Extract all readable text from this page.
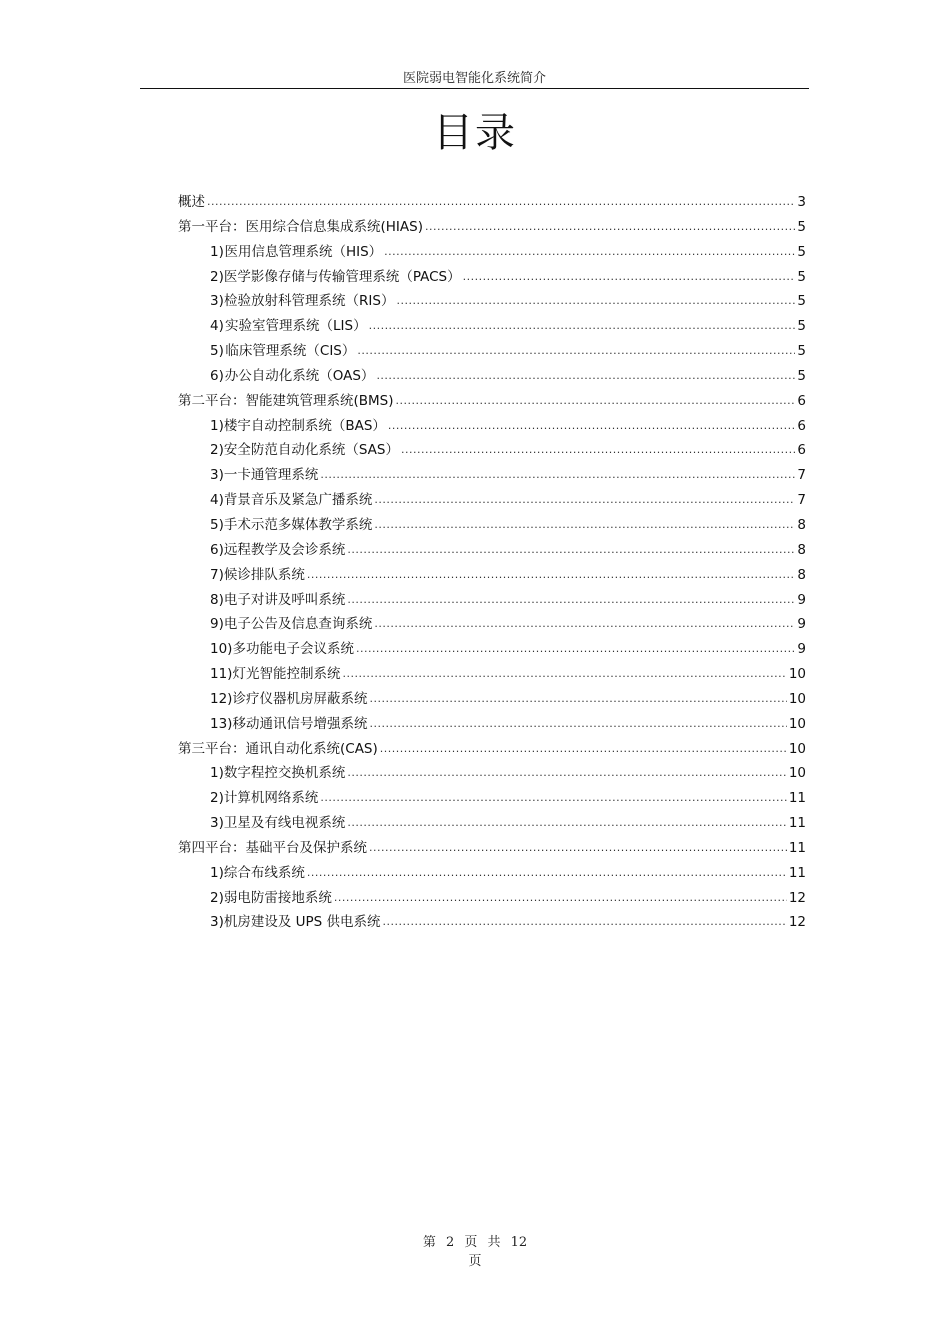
医院弱电智能化系统简介
目录
概述 .....	3
第一平台：医用综合信息集成系统(HIAS) .....	5
1) 医用信息管理系统（HIS） .....	5
2) 医学影像存储与传输管理系统（PACS） .....	5
3) 检验放射科管理系统（RIS） .....	5
4) 实验室管理系统（LIS） .....	5
5) 临床管理系统（CIS） .....	5
6) 办公自动化系统（OAS） .....	5
第二平台：智能建筑管理系统(BMS) .....	6
1)楼宇自动控制系统（BAS） .....	6
2)安全防范自动化系统（SAS） .....	6
3)一卡通管理系统 .....	7
4)背景音乐及紧急广播系统 .....	7
5)手术示范多媒体教学系统 .....	8
6)远程教学及会诊系统 .....	8
7)候诊排队系统 .....	8
8)电子对讲及呼叫系统 .....	9
9)电子公告及信息查询系统 .....	9
10)多功能电子会议系统 .....	9
11)灯光智能控制系统 .....	10
12)诊疗仪器机房屏蔽系统 .....	10
13)移动通讯信号增强系统 .....	10
第三平台：通讯自动化系统(CAS) .....	10
1)数字程控交换机系统 .....	10
2)计算机网络系统 .....	11
3)卫星及有线电视系统 .....	11
第四平台：基础平台及保护系统 .....	11
1)综合布线系统 .....	11
2)弱电防雷接地系统 .....	12
3)机房建设及 UPS 供电系统 .....	12
第 2 页 共 12
页
